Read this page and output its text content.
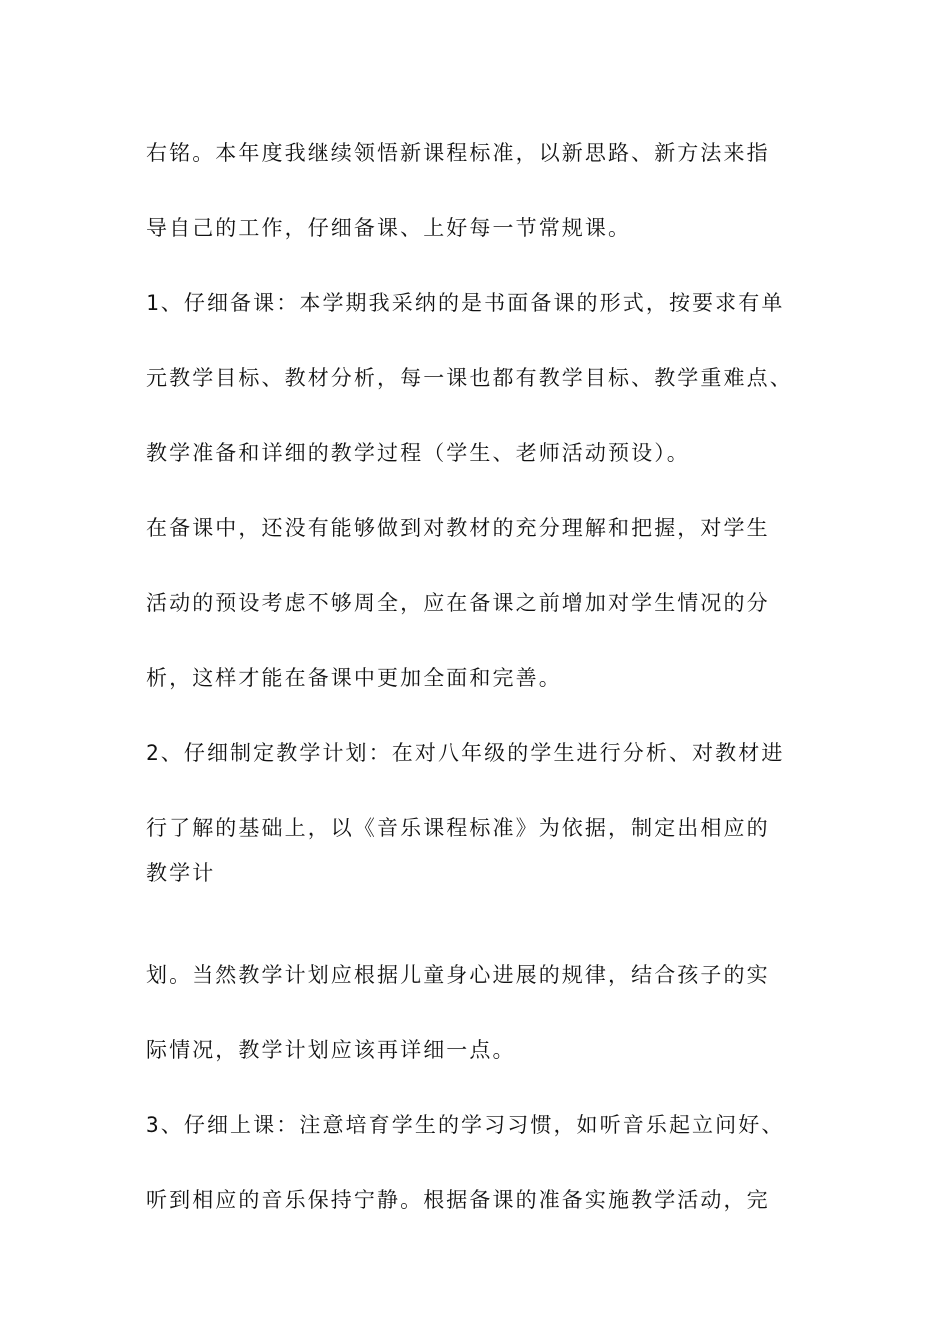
右铭。本年度我继续领悟新课程标准，以新思路、新方法来指
导自己的工作，仔细备课、上好每一节常规课。
1、仔细备课：本学期我采纳的是书面备课的形式，按要求有单
元教学目标、教材分析，每一课也都有教学目标、教学重难点、
教学准备和详细的教学过程（学生、老师活动预设）。
在备课中，还没有能够做到对教材的充分理解和把握，对学生
活动的预设考虑不够周全，应在备课之前增加对学生情况的分
析，这样才能在备课中更加全面和完善。
2、仔细制定教学计划：在对八年级的学生进行分析、对教材进
行了解的基础上，以《音乐课程标准》为依据，制定出相应的
教学计
划。当然教学计划应根据儿童身心进展的规律，结合孩子的实
际情况，教学计划应该再详细一点。
3、仔细上课：注意培育学生的学习习惯，如听音乐起立问好、
听到相应的音乐保持宁静。根据备课的准备实施教学活动，完
